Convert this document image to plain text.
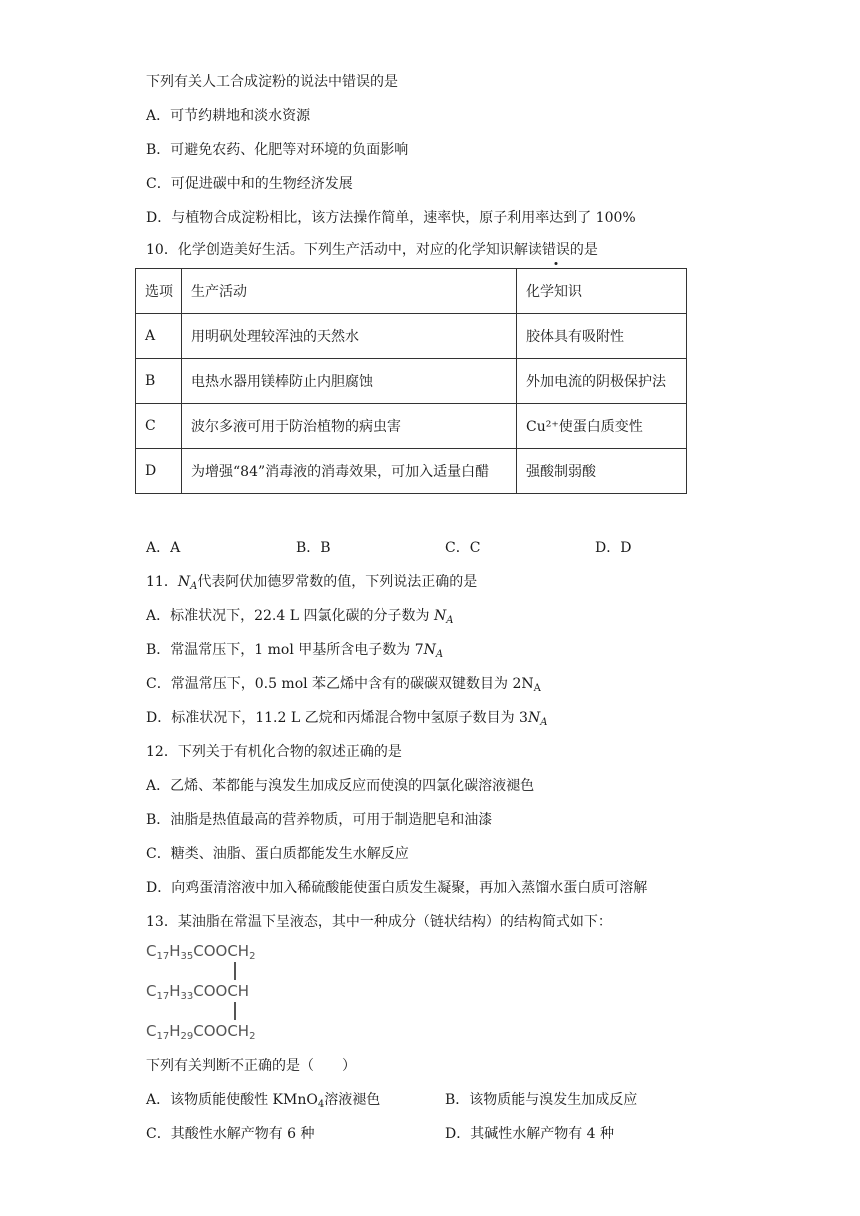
下列有关人工合成淀粉的说法中错误的是
A．可节约耕地和淡水资源
B．可避免农药、化肥等对环境的负面影响
C．可促进碳中和的生物经济发展
D．与植物合成淀粉相比，该方法操作简单，速率快，原子利用率达到了 100%
10．化学创造美好生活。下列生产活动中，对应的化学知识解读错误的是
选项	生产活动	化学知识
A	用明矾处理较浑浊的天然水	胶体具有吸附性
B	电热水器用镁棒防止内胆腐蚀	外加电流的阴极保护法
C	波尔多液可用于防治植物的病虫害	Cu²⁺使蛋白质变性
D	为增强“84”消毒液的消毒效果，可加入适量白醋	强酸制弱酸
A．A	B．B	C．C	D．D
11．$N_A$代表阿伏加德罗常数的值，下列说法正确的是
A．标准状况下，22.4 L 四氯化碳的分子数为 $N_A$
B．常温常压下，1 mol 甲基所含电子数为 $7N_A$
C．常温常压下，0.5 mol 苯乙烯中含有的碳碳双键数目为 $2N_A$
D．标准状况下，11.2 L 乙烷和丙烯混合物中氢原子数目为 $3N_A$
12．下列关于有机化合物的叙述正确的是
A．乙烯、苯都能与溴发生加成反应而使溴的四氯化碳溶液褪色
B．油脂是热值最高的营养物质，可用于制造肥皂和油漆
C．糖类、油脂、蛋白质都能发生水解反应
D．向鸡蛋清溶液中加入稀硫酸能使蛋白质发生凝聚，再加入蒸馏水蛋白质可溶解
13．某油脂在常温下呈液态，其中一种成分（链状结构）的结构简式如下：
$C_{17}H_{35}COOCH_2$
$C_{17}H_{33}COOCH$
$C_{17}H_{29}COOCH_2$
下列有关判断不正确的是（　　）
A．该物质能使酸性 KMnO$_4$溶液褪色	B．该物质能与溴发生加成反应
C．其酸性水解产物有 6 种	D．其碱性水解产物有 4 种
